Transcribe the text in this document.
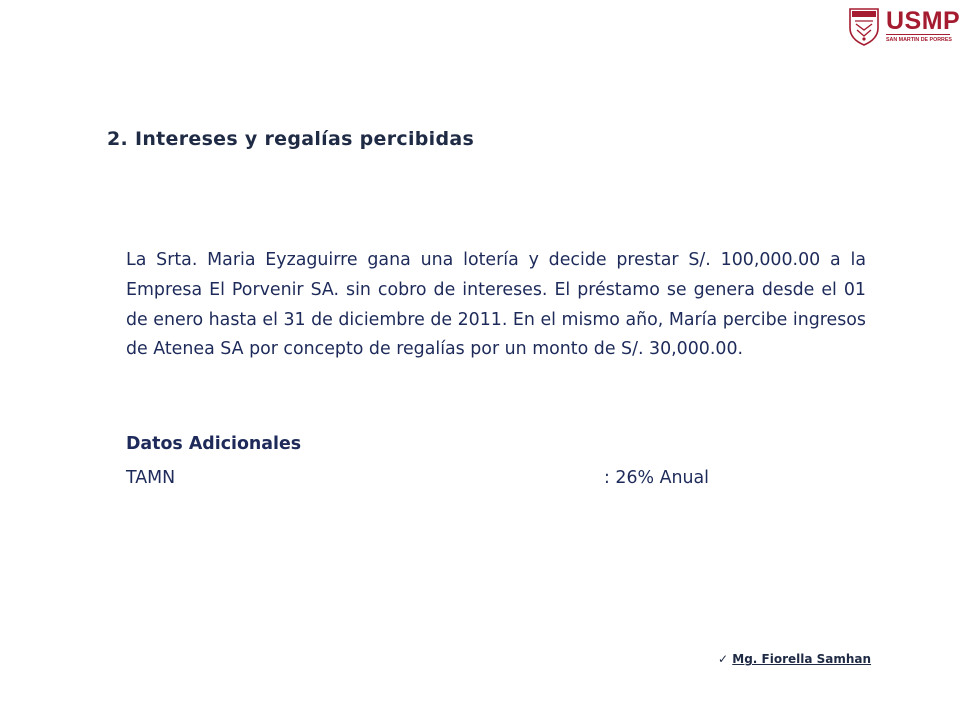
USMP
SAN MARTIN DE PORRES
2. Intereses y regalías percibidas

La Srta. Maria Eyzaguirre gana una lotería y decide prestar S/. 100,000.00 a la Empresa El Porvenir SA. sin cobro de intereses. El préstamo se genera desde el 01 de enero hasta el 31 de diciembre de 2011. En el mismo año, María percibe ingresos de Atenea SA por concepto de regalías por un monto de S/. 30,000.00.

Datos Adicionales
TAMN	: 26% Anual
✓ Mg. Fiorella Samhan
